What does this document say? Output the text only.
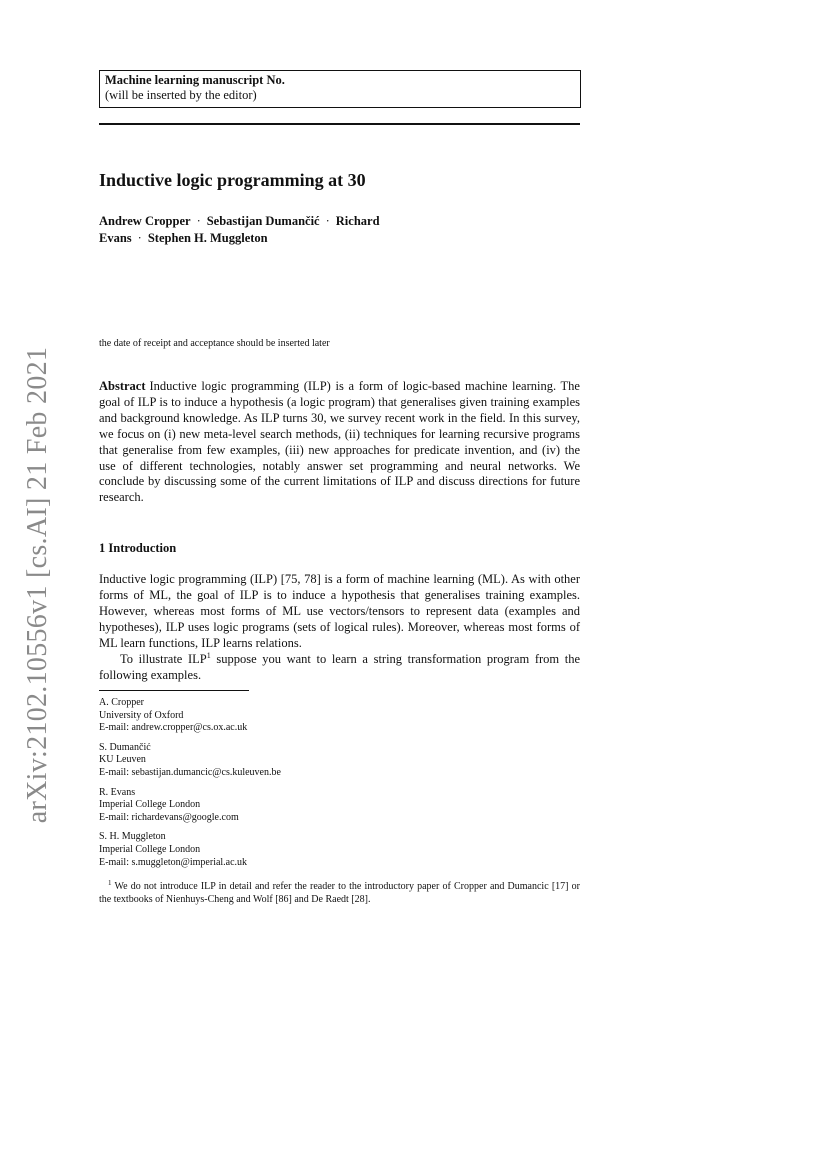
Machine learning manuscript No.
(will be inserted by the editor)
Inductive logic programming at 30
Andrew Cropper · Sebastijan Dumančić · Richard
Evans · Stephen H. Muggleton
the date of receipt and acceptance should be inserted later
Abstract Inductive logic programming (ILP) is a form of logic-based machine learning. The goal of ILP is to induce a hypothesis (a logic program) that generalises given training examples and background knowledge. As ILP turns 30, we survey recent work in the field. In this survey, we focus on (i) new meta-level search methods, (ii) techniques for learning recursive programs that generalise from few examples, (iii) new approaches for predicate invention, and (iv) the use of different technologies, notably answer set programming and neural networks. We conclude by discussing some of the current limitations of ILP and discuss directions for future research.
1 Introduction
Inductive logic programming (ILP) [75, 78] is a form of machine learning (ML). As with other forms of ML, the goal of ILP is to induce a hypothesis that generalises training examples. However, whereas most forms of ML use vectors/tensors to represent data (examples and hypotheses), ILP uses logic programs (sets of logical rules). Moreover, whereas most forms of ML learn functions, ILP learns relations.
To illustrate ILP$^1$ suppose you want to learn a string transformation program from the following examples.
A. Cropper
University of Oxford
E-mail: andrew.cropper@cs.ox.ac.uk
S. Dumančić
KU Leuven
E-mail: sebastijan.dumancic@cs.kuleuven.be
R. Evans
Imperial College London
E-mail: richardevans@google.com
S. H. Muggleton
Imperial College London
E-mail: s.muggleton@imperial.ac.uk
$^1$ We do not introduce ILP in detail and refer the reader to the introductory paper of Cropper and Dumancic [17] or the textbooks of Nienhuys-Cheng and Wolf [86] and De Raedt [28].
arXiv:2102.10556v1 [cs.AI] 21 Feb 2021
